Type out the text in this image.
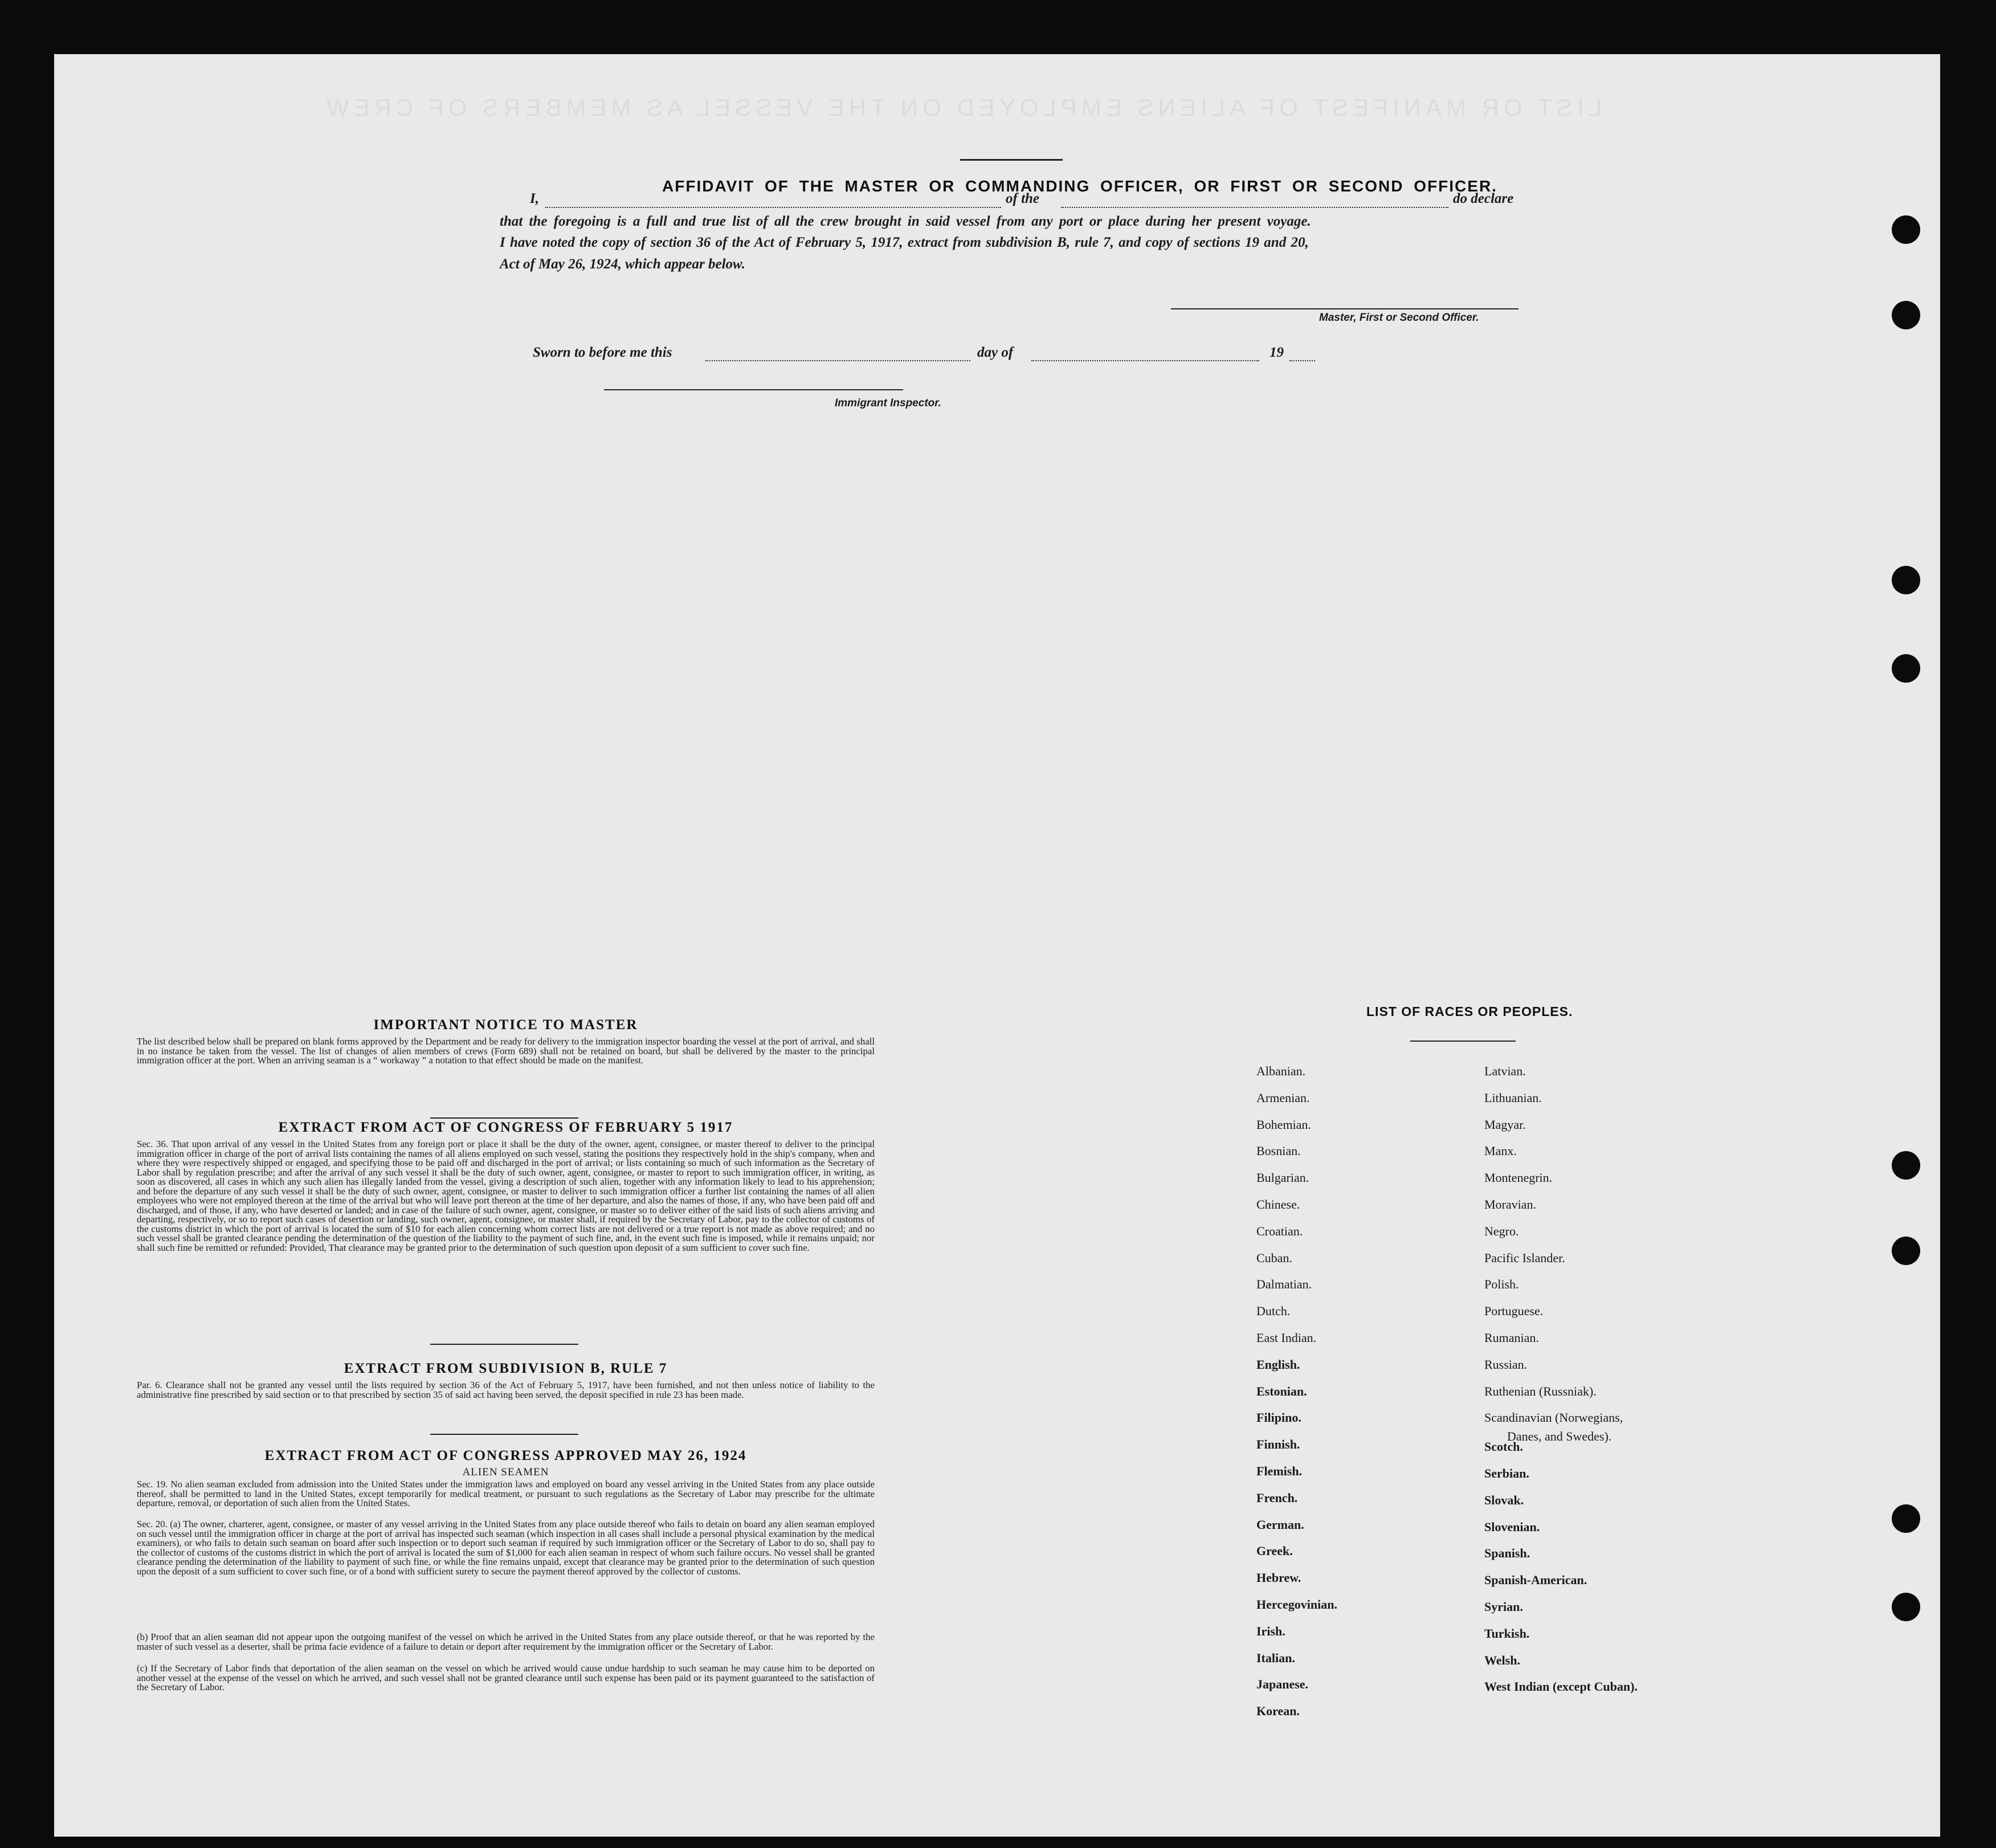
LIST OR MANIFEST OF ALIENS EMPLOYED ON THE VESSEL AS MEMBERS OF CREW
AFFIDAVIT OF THE MASTER OR COMMANDING OFFICER, OR FIRST OR SECOND OFFICER.
I,	of the	do declare
that the foregoing is a full and true list of all the crew brought in said vessel from any port or place during her present voyage.
I have noted the copy of section 36 of the Act of February 5, 1917, extract from subdivision B, rule 7, and copy of sections 19 and 20,
Act of May 26, 1924, which appear below.
Master, First or Second Officer.
Sworn to before me this	day of	19
Immigrant Inspector.
IMPORTANT NOTICE TO MASTER
The list described below shall be prepared on blank forms approved by the Department and be ready for delivery to the immigration inspector boarding the vessel at the port of arrival, and shall in no instance be taken from the vessel. The list of changes of alien members of crews (Form 689) shall not be retained on board, but shall be delivered by the master to the principal immigration officer at the port. When an arriving seaman is a “ workaway ” a notation to that effect should be made on the manifest.
EXTRACT FROM ACT OF CONGRESS OF FEBRUARY 5 1917
Sec. 36. That upon arrival of any vessel in the United States from any foreign port or place it shall be the duty of the owner, agent, consignee, or master thereof to deliver to the principal immigration officer in charge of the port of arrival lists containing the names of all aliens employed on such vessel, stating the positions they respectively hold in the ship's company, when and where they were respectively shipped or engaged, and specifying those to be paid off and discharged in the port of arrival; or lists containing so much of such information as the Secretary of Labor shall by regulation prescribe; and after the arrival of any such vessel it shall be the duty of such owner, agent, consignee, or master to report to such immigration officer, in writing, as soon as discovered, all cases in which any such alien has illegally landed from the vessel, giving a description of such alien, together with any information likely to lead to his apprehension; and before the departure of any such vessel it shall be the duty of such owner, agent, consignee, or master to deliver to such immigration officer a further list containing the names of all alien employees who were not employed thereon at the time of the arrival but who will leave port thereon at the time of her departure, and also the names of those, if any, who have been paid off and discharged, and of those, if any, who have deserted or landed; and in case of the failure of such owner, agent, consignee, or master so to deliver either of the said lists of such aliens arriving and departing, respectively, or so to report such cases of desertion or landing, such owner, agent, consignee, or master shall, if required by the Secretary of Labor, pay to the collector of customs of the customs district in which the port of arrival is located the sum of $10 for each alien concerning whom correct lists are not delivered or a true report is not made as above required; and no such vessel shall be granted clearance pending the determination of the question of the liability to the payment of such fine, and, in the event such fine is imposed, while it remains unpaid; nor shall such fine be remitted or refunded: Provided, That clearance may be granted prior to the determination of such question upon deposit of a sum sufficient to cover such fine.
EXTRACT FROM SUBDIVISION B, RULE 7
Par. 6. Clearance shall not be granted any vessel until the lists required by section 36 of the Act of February 5, 1917, have been furnished, and not then unless notice of liability to the administrative fine prescribed by said section or to that prescribed by section 35 of said act having been served, the deposit specified in rule 23 has been made.
EXTRACT FROM ACT OF CONGRESS APPROVED MAY 26, 1924
ALIEN SEAMEN
Sec. 19. No alien seaman excluded from admission into the United States under the immigration laws and employed on board any vessel arriving in the United States from any place outside thereof, shall be permitted to land in the United States, except temporarily for medical treatment, or pursuant to such regulations as the Secretary of Labor may prescribe for the ultimate departure, removal, or deportation of such alien from the United States.
Sec. 20. (a) The owner, charterer, agent, consignee, or master of any vessel arriving in the United States from any place outside thereof who fails to detain on board any alien seaman employed on such vessel until the immigration officer in charge at the port of arrival has inspected such seaman (which inspection in all cases shall include a personal physical examination by the medical examiners), or who fails to detain such seaman on board after such inspection or to deport such seaman if required by such immigration officer or the Secretary of Labor to do so, shall pay to the collector of customs of the customs district in which the port of arrival is located the sum of $1,000 for each alien seaman in respect of whom such failure occurs. No vessel shall be granted clearance pending the determination of the liability to payment of such fine, or while the fine remains unpaid, except that clearance may be granted prior to the determination of such question upon the deposit of a sum sufficient to cover such fine, or of a bond with sufficient surety to secure the payment thereof approved by the collector of customs.
(b) Proof that an alien seaman did not appear upon the outgoing manifest of the vessel on which he arrived in the United States from any place outside thereof, or that he was reported by the master of such vessel as a deserter, shall be prima facie evidence of a failure to detain or deport after requirement by the immigration officer or the Secretary of Labor.
(c) If the Secretary of Labor finds that deportation of the alien seaman on the vessel on which he arrived would cause undue hardship to such seaman he may cause him to be deported on another vessel at the expense of the vessel on which he arrived, and such vessel shall not be granted clearance until such expense has been paid or its payment guaranteed to the satisfaction of the Secretary of Labor.
LIST OF RACES OR PEOPLES.
Albanian.
Armenian.
Bohemian.
Bosnian.
Bulgarian.
Chinese.
Croatian.
Cuban.
Dalmatian.
Dutch.
East Indian.
English.
Estonian.
Filipino.
Finnish.
Flemish.
French.
German.
Greek.
Hebrew.
Hercegovinian.
Irish.
Italian.
Japanese.
Korean.
Latvian.
Lithuanian.
Magyar.
Manx.
Montenegrin.
Moravian.
Negro.
Pacific Islander.
Polish.
Portuguese.
Rumanian.
Russian.
Ruthenian (Russniak).
Scandinavian (Norwegians,
Danes, and Swedes).
Scotch.
Serbian.
Slovak.
Slovenian.
Spanish.
Spanish-American.
Syrian.
Turkish.
Welsh.
West Indian (except Cuban).
